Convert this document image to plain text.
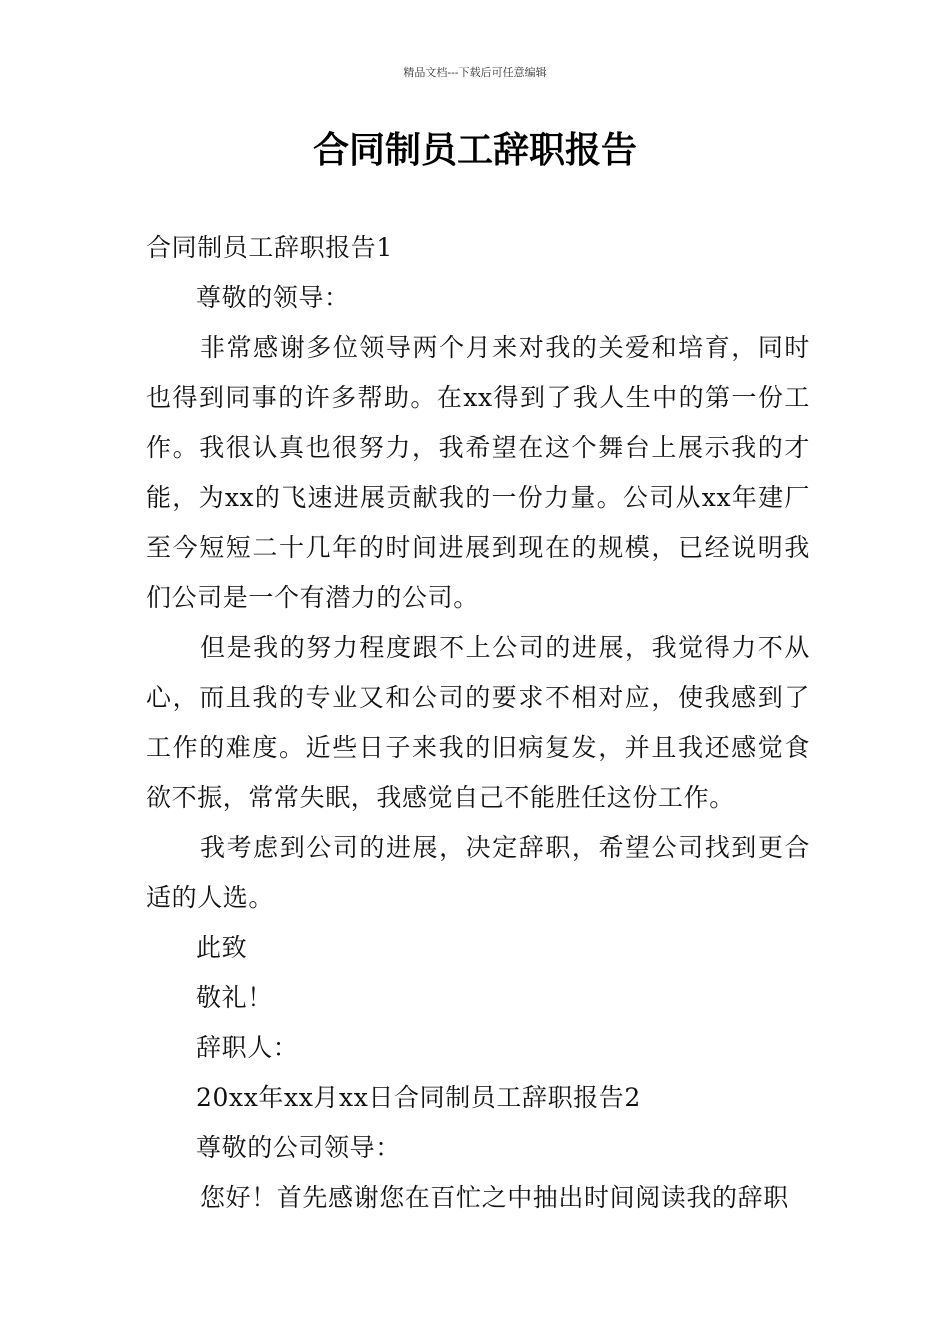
精品文档---下载后可任意编辑
合同制员工辞职报告

合同制员工辞职报告1

尊敬的领导：

非常感谢多位领导两个月来对我的关爱和培育，同时也得到同事的许多帮助。在xx得到了我人生中的第一份工作。我很认真也很努力，我希望在这个舞台上展示我的才能，为xx的飞速进展贡献我的一份力量。公司从xx年建厂至今短短二十几年的时间进展到现在的规模，已经说明我们公司是一个有潜力的公司。

但是我的努力程度跟不上公司的进展，我觉得力不从心，而且我的专业又和公司的要求不相对应，使我感到了工作的难度。近些日子来我的旧病复发，并且我还感觉食欲不振，常常失眠，我感觉自己不能胜任这份工作。

我考虑到公司的进展，决定辞职，希望公司找到更合适的人选。

此致

敬礼！

辞职人：

20xx年xx月xx日合同制员工辞职报告2

尊敬的公司领导：

您好！首先感谢您在百忙之中抽出时间阅读我的辞职
